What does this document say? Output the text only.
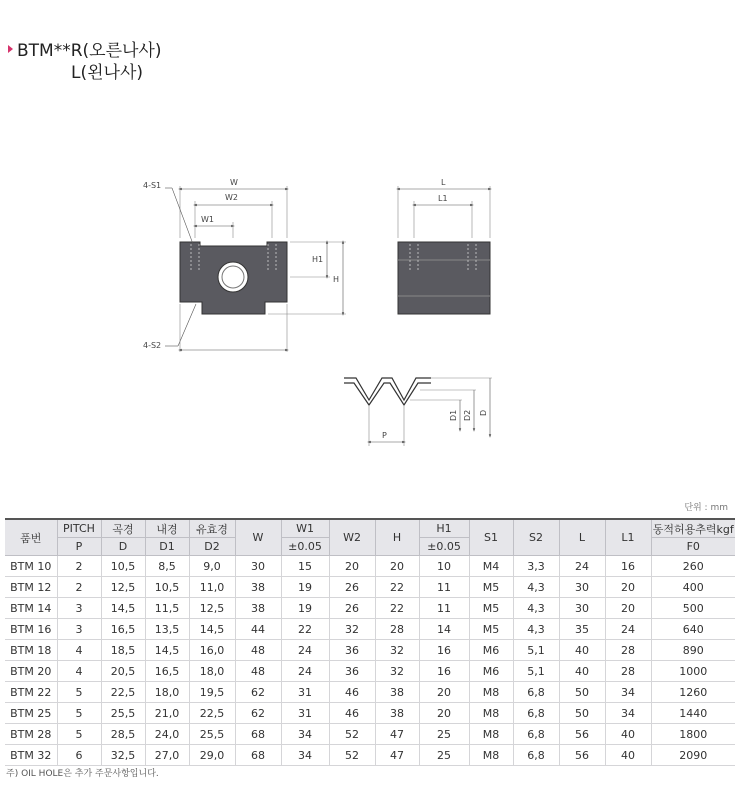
BTM**R(오른나사)
L(왼나사)
W
W2
W1
4-S1
4-S2
H1
H
L
L1
D1 D2 D
P
단위 : mm
품번	PITCH	곡경	내경	유효경	W	W1	W2	H	H1	S1	S2	L	L1	동적허용추력kgf
	P	D	D1	D2		±0.05			±0.05					F0
BTM 10	2	10,5	8,5	9,0	30	15	20	20	10	M4	3,3	24	16	260
BTM 12	2	12,5	10,5	11,0	38	19	26	22	11	M5	4,3	30	20	400
BTM 14	3	14,5	11,5	12,5	38	19	26	22	11	M5	4,3	30	20	500
BTM 16	3	16,5	13,5	14,5	44	22	32	28	14	M5	4,3	35	24	640
BTM 18	4	18,5	14,5	16,0	48	24	36	32	16	M6	5,1	40	28	890
BTM 20	4	20,5	16,5	18,0	48	24	36	32	16	M6	5,1	40	28	1000
BTM 22	5	22,5	18,0	19,5	62	31	46	38	20	M8	6,8	50	34	1260
BTM 25	5	25,5	21,0	22,5	62	31	46	38	20	M8	6,8	50	34	1440
BTM 28	5	28,5	24,0	25,5	68	34	52	47	25	M8	6,8	56	40	1800
BTM 32	6	32,5	27,0	29,0	68	34	52	47	25	M8	6,8	56	40	2090
주) OIL HOLE은 추가 주문사항입니다.
